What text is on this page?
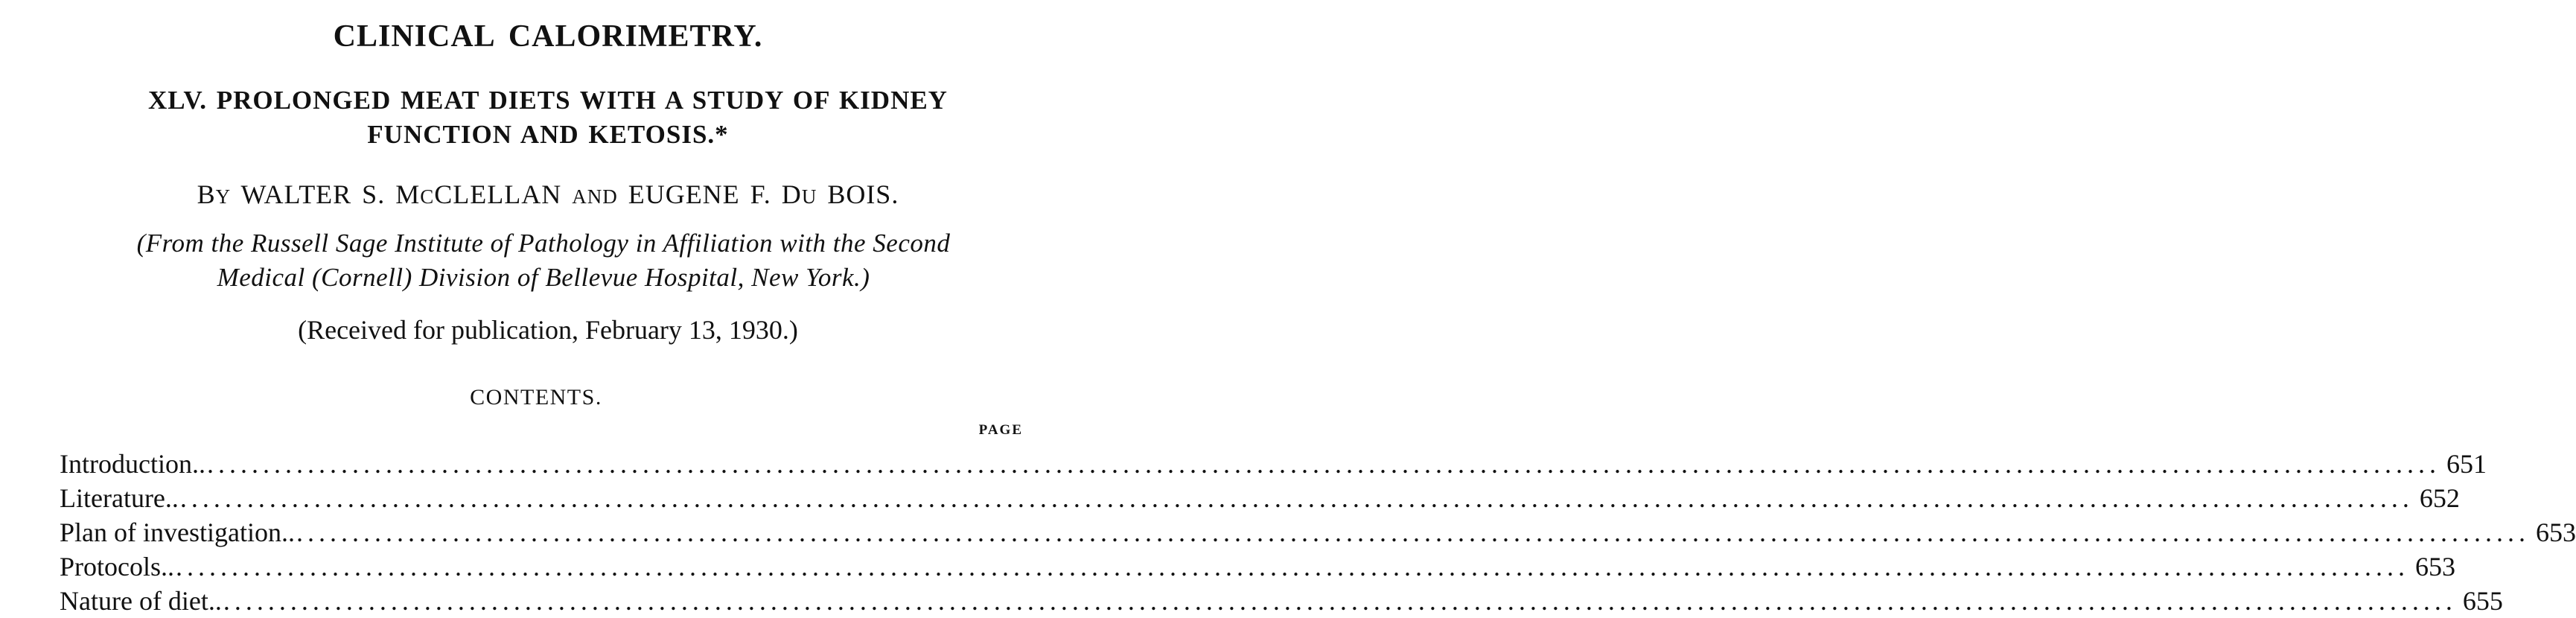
CLINICAL CALORIMETRY.
XLV. PROLONGED MEAT DIETS WITH A STUDY OF KIDNEY
FUNCTION AND KETOSIS.*
BY WALTER S. MCCLELLAN AND EUGENE F. DU BOIS.
(From the Russell Sage Institute of Pathology in Affiliation with the Second
Medical (Cornell) Division of Bellevue Hospital, New York.)
(Received for publication, February 13, 1930.)
CONTENTS.
PAGE
Introduction.. ........................................................................................................................................................................................................ 651
Literature.. ........................................................................................................................................................................................................ 652
Plan of investigation.. ........................................................................................................................................................................................................ 653
Protocols.. ........................................................................................................................................................................................................ 653
Nature of diet.. ........................................................................................................................................................................................................ 655
